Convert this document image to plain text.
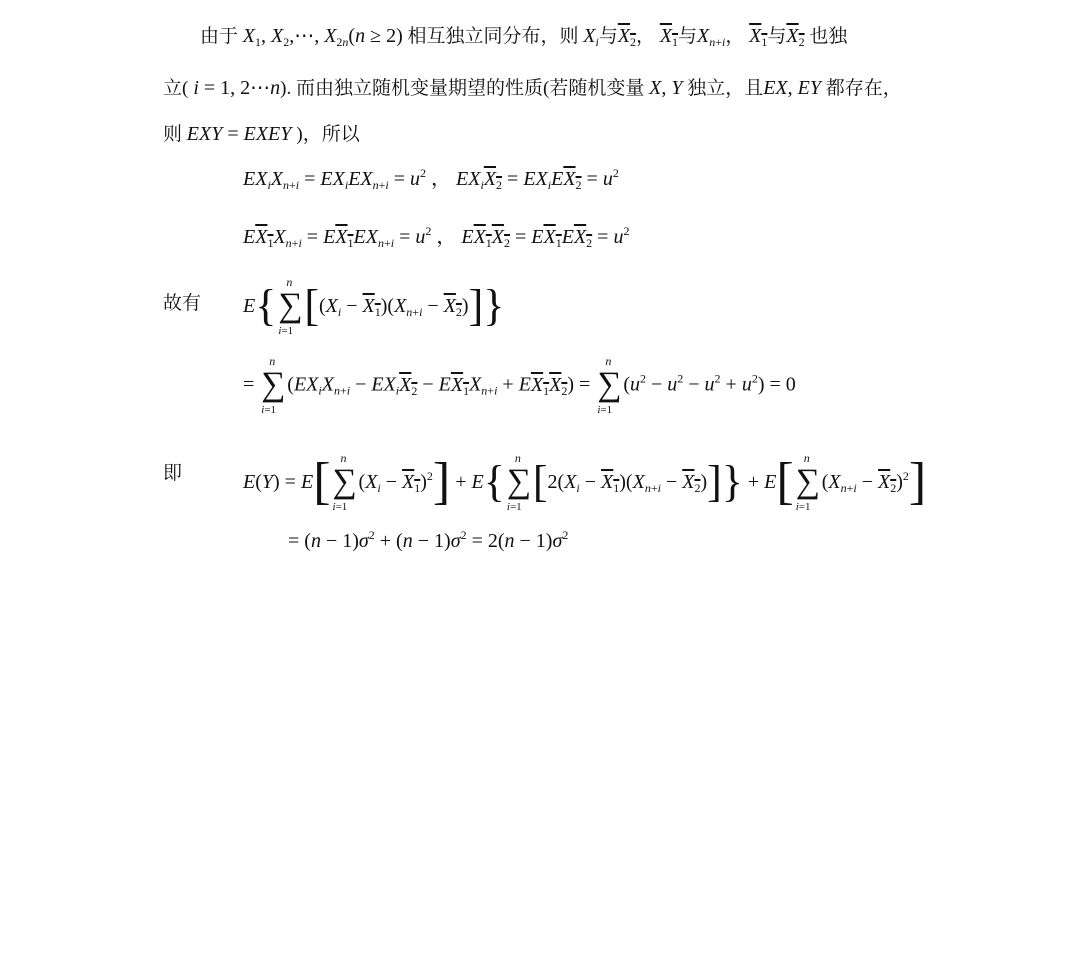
由于 $X_1$, $X_2,\cdots$, $X_{2n}(n \ge 2)$ 相互独立同分布，则 $X_i$与$X_2$， $X_1$与$X_{n+i}$， $X_1$与$X_2$ 也独
立( i = 1, 2⋯n). 而由独立随机变量期望的性质(若随机变量 X, Y 独立，且EX, EY 都存在，
则 EXY = EXEY )，所以
$EX_iX_{n+i} = EX_iEX_{n+i} = u^2$ ， $EX_iX_2 = EX_iEX_2 = u^2$
$EX_1X_{n+i} = EX_1EX_{n+i} = u^2$ ， $EX_1X_2 = EX_1EX_2 = u^2$
故有 E{ n
∑
i=1
$[(X_i - X_1)(X_{n+i} - X_2)]$}
=
n
∑
i=1
$(EX_iX_{n+i} - EX_iX_2 - EX_1X_{n+i} + EX_1X_2)$ =
n
∑
i=1
$(u^2 - u^2 - u^2 + u^2) = 0$
即	E(Y) = E[ n
∑
i=1
$(X_i - X_1)^2] + E${ n
∑
i=1
$[2(X_i - X_1)(X_{n+i} - X_2)]\} + E$[ n
∑
i=1
$(X_{n+i} - X_2)^2$]
= $(n - 1)\sigma^2 + (n - 1)\sigma^2 = 2(n - 1)\sigma^2$
